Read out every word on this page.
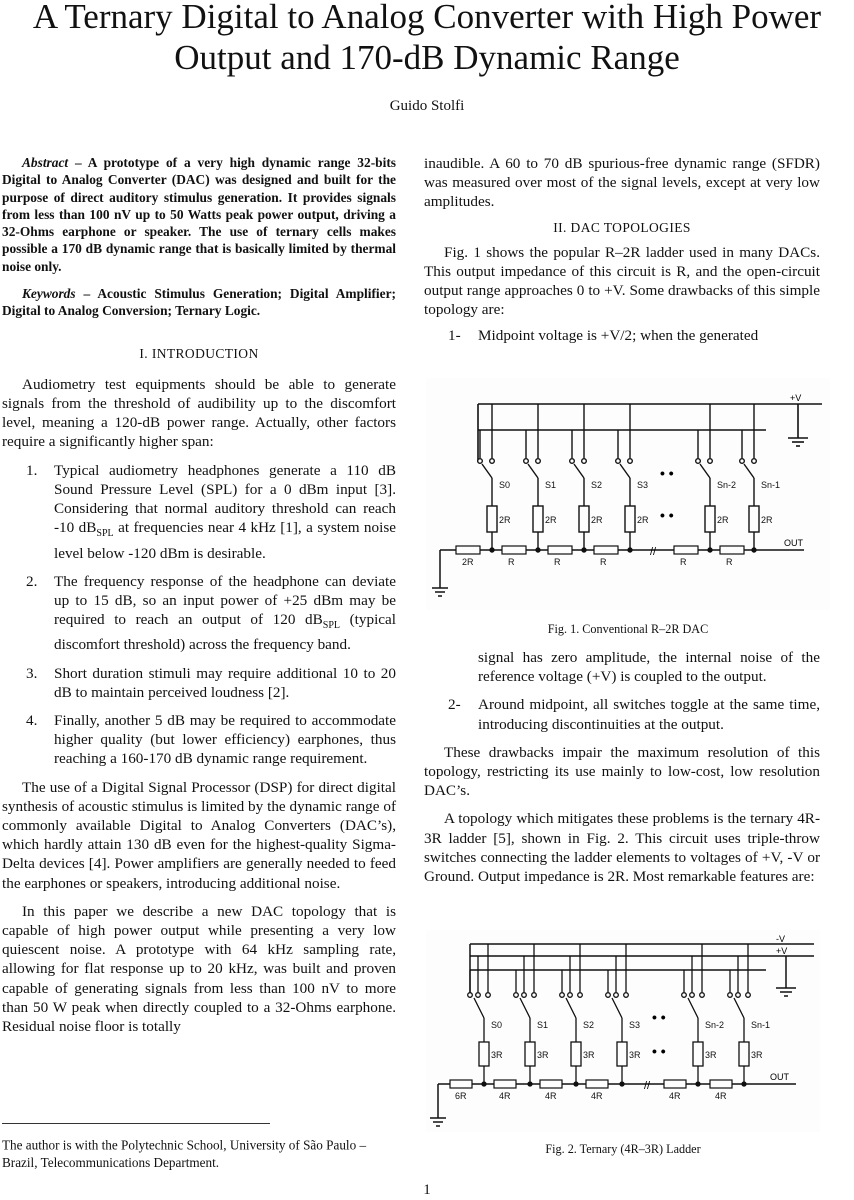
A Ternary Digital to Analog Converter with High Power Output and 170-dB Dynamic Range
Guido Stolfi

Abstract – A prototype of a very high dynamic range 32-bits Digital to Analog Converter (DAC) was designed and built for the purpose of direct auditory stimulus generation. It provides signals from less than 100 nV up to 50 Watts peak power output, driving a 32-Ohms earphone or speaker. The use of ternary cells makes possible a 170 dB dynamic range that is basically limited by thermal noise only.

Keywords – Acoustic Stimulus Generation; Digital Amplifier; Digital to Analog Conversion; Ternary Logic.

I. INTRODUCTION

Audiometry test equipments should be able to generate signals from the threshold of audibility up to the discomfort level, meaning a 120-dB power range. Actually, other factors require a significantly higher span:

1.	Typical audiometry headphones generate a 110 dB Sound Pressure Level (SPL) for a 0 dBm input [3]. Considering that normal auditory threshold can reach -10 $dB_{SPL}$ at frequencies near 4 kHz [1], a system noise level below -120 dBm is desirable.
2.	The frequency response of the headphone can deviate up to 15 dB, so an input power of +25 dBm may be required to reach an output of 120 $dB_{SPL}$ (typical discomfort threshold) across the frequency band.
3.	Short duration stimuli may require additional 10 to 20 dB to maintain perceived loudness [2].
4.	Finally, another 5 dB may be required to accommodate higher quality (but lower efficiency) earphones, thus reaching a 160-170 dB dynamic range requirement.

The use of a Digital Signal Processor (DSP) for direct digital synthesis of acoustic stimulus is limited by the dynamic range of commonly available Digital to Analog Converters (DAC’s), which hardly attain 130 dB even for the highest-quality Sigma-Delta devices [4]. Power amplifiers are generally needed to feed the earphones or speakers, introducing additional noise.

In this paper we describe a new DAC topology that is capable of high power output while presenting a very low quiescent noise. A prototype with 64 kHz sampling rate, allowing for flat response up to 20 kHz, was built and proven capable of generating signals from less than 100 nV to more than 50 W peak when directly coupled to a 32-Ohms earphone. Residual noise floor is totally

The author is with the Polytechnic School, University of São Paulo – Brazil, Telecommunications Department.

inaudible. A 60 to 70 dB spurious-free dynamic range (SFDR) was measured over most of the signal levels, except at very low amplitudes.

II. DAC TOPOLOGIES

Fig. 1 shows the popular R–2R ladder used in many DACs. This output impedance of this circuit is R, and the open-circuit output range approaches 0 to +V. Some drawbacks of this simple topology are:

1-	Midpoint voltage is +V/2; when the generated
2R	R	R	R	R	R
+V
OUT
//
• •
• •
S0
2R
S1
2R
S2
2R
S3
2R
Sn-2
2R
Sn-1
2R
Fig. 1. Conventional R–2R DAC

signal has zero amplitude, the internal noise of the reference voltage (+V) is coupled to the output.

2-	Around midpoint, all switches toggle at the same time, introducing discontinuities at the output.

These drawbacks impair the maximum resolution of this topology, restricting its use mainly to low-cost, low resolution DAC’s.

A topology which mitigates these problems is the ternary 4R-3R ladder [5], shown in Fig. 2. This circuit uses triple-throw switches connecting the ladder elements to voltages of +V, -V or Ground. Output impedance is 2R. Most remarkable features are:

6R	4R	4R	4R	4R	4R
-V
+V
OUT
//
• •
• •
S0
3R
S1
3R
S2
3R
S3
3R
Sn-2
3R
Sn-1
3R
Fig. 2. Ternary (4R–3R) Ladder
1
